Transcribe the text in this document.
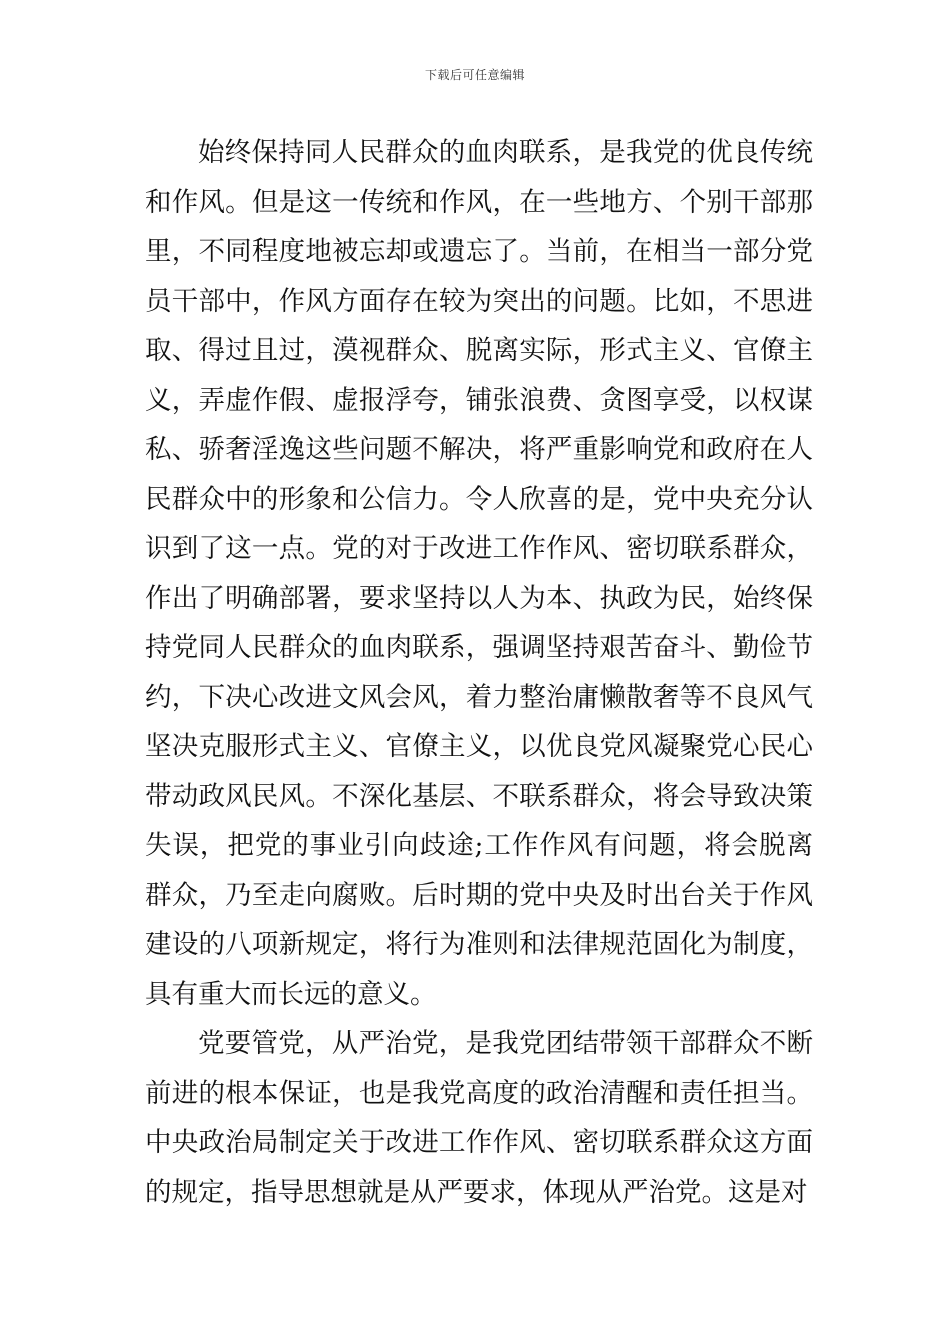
下载后可任意编辑

始终保持同人民群众的血肉联系，是我党的优良传统和作风。但是这一传统和作风，在一些地方、个别干部那里，不同程度地被忘却或遗忘了。当前，在相当一部分党员干部中，作风方面存在较为突出的问题。比如，不思进取、得过且过，漠视群众、脱离实际，形式主义、官僚主义，弄虚作假、虚报浮夸，铺张浪费、贪图享受，以权谋私、骄奢淫逸这些问题不解决，将严重影响党和政府在人民群众中的形象和公信力。令人欣喜的是，党中央充分认识到了这一点。党的对于改进工作作风、密切联系群众，作出了明确部署，要求坚持以人为本、执政为民，始终保持党同人民群众的血肉联系，强调坚持艰苦奋斗、勤俭节约，下决心改进文风会风，着力整治庸懒散奢等不良风气坚决克服形式主义、官僚主义，以优良党风凝聚党心民心带动政风民风。不深化基层、不联系群众，将会导致决策失误，把党的事业引向歧途;工作作风有问题，将会脱离群众，乃至走向腐败。后时期的党中央及时出台关于作风建设的八项新规定，将行为准则和法律规范固化为制度，具有重大而长远的意义。

党要管党，从严治党，是我党团结带领干部群众不断前进的根本保证，也是我党高度的政治清醒和责任担当。中央政治局制定关于改进工作作风、密切联系群众这方面的规定，指导思想就是从严要求，体现从严治党。这是对
